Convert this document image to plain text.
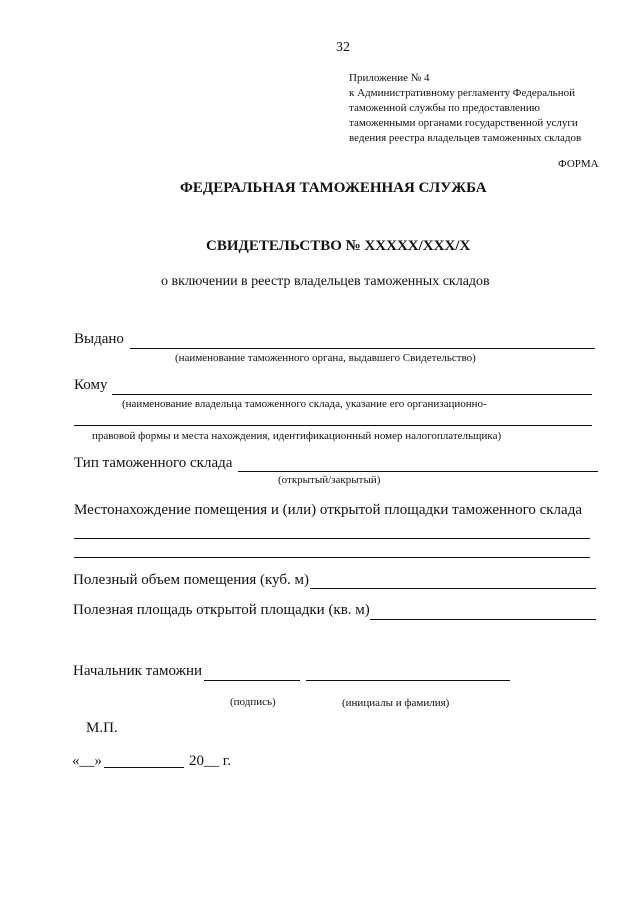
32
Приложение № 4
к Административному регламенту Федеральной
таможенной службы по предоставлению
таможенными органами государственной услуги
ведения реестра владельцев таможенных складов
ФОРМА
ФЕДЕРАЛЬНАЯ ТАМОЖЕННАЯ СЛУЖБА
СВИДЕТЕЛЬСТВО № XXXXX/XXX/X
о включении в реестр владельцев таможенных складов
Выдано
(наименование таможенного органа, выдавшего Свидетельство)
Кому
(наименование владельца таможенного склада, указание его организационно-
правовой формы и места нахождения, идентификационный номер налогоплательщика)
Тип таможенного склада
(открытый/закрытый)
Местонахождение помещения и (или) открытой площадки таможенного склада
Полезный объем помещения (куб. м)
Полезная площадь открытой площадки (кв. м)
Начальник таможни
(подпись)	(инициалы и фамилия)
М.П.
«__»	20__ г.
